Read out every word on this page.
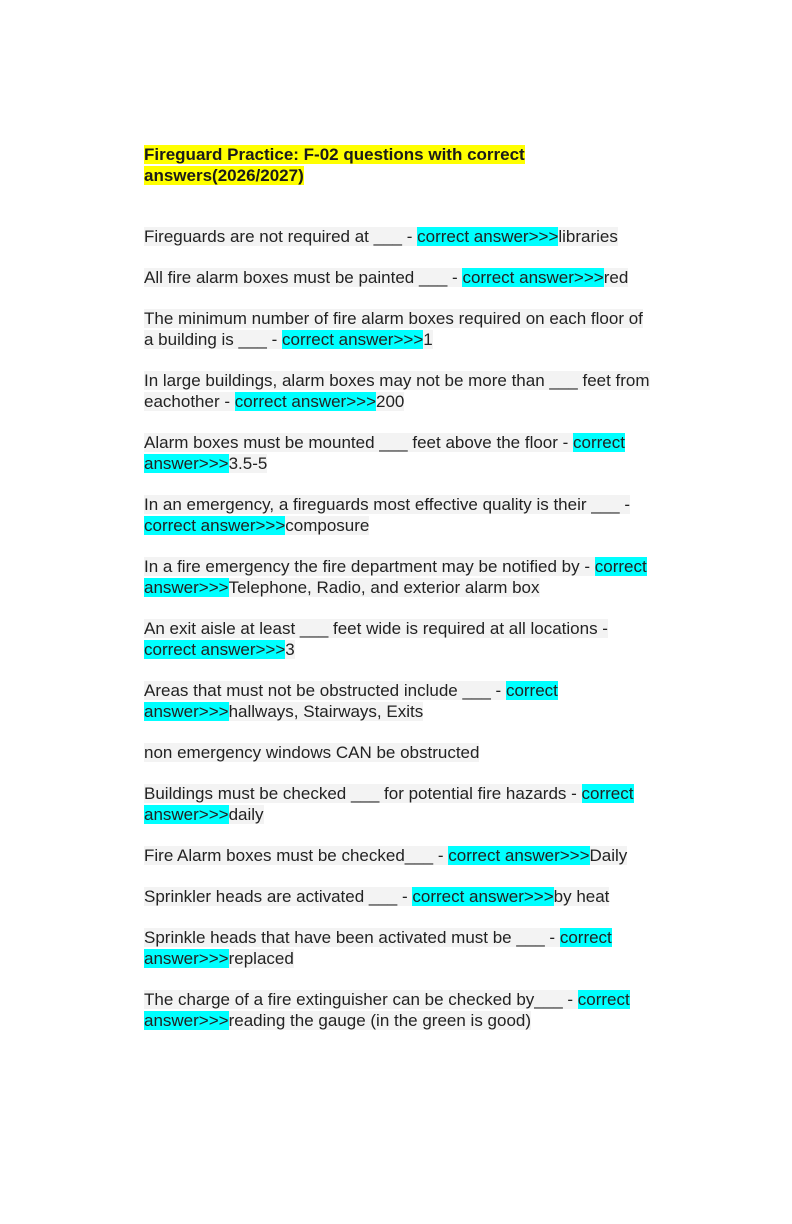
Fireguard Practice: F-02 questions with correct answers(2026/2027)

Fireguards are not required at ___ - correct answer>>>libraries

All fire alarm boxes must be painted ___ - correct answer>>>red

The minimum number of fire alarm boxes required on each floor of a building is ___ - correct answer>>>1

In large buildings, alarm boxes may not be more than ___ feet from eachother - correct answer>>>200

Alarm boxes must be mounted ___ feet above the floor - correct answer>>>3.5-5

In an emergency, a fireguards most effective quality is their ___ - correct answer>>>composure

In a fire emergency the fire department may be notified by - correct answer>>>Telephone, Radio, and exterior alarm box

An exit aisle at least ___ feet wide is required at all locations - correct answer>>>3

Areas that must not be obstructed include ___ - correct answer>>>hallways, Stairways, Exits

non emergency windows CAN be obstructed

Buildings must be checked ___ for potential fire hazards - correct answer>>>daily

Fire Alarm boxes must be checked___ - correct answer>>>Daily

Sprinkler heads are activated ___ - correct answer>>>by heat

Sprinkle heads that have been activated must be ___ - correct answer>>>replaced

The charge of a fire extinguisher can be checked by___ - correct answer>>>reading the gauge (in the green is good)
